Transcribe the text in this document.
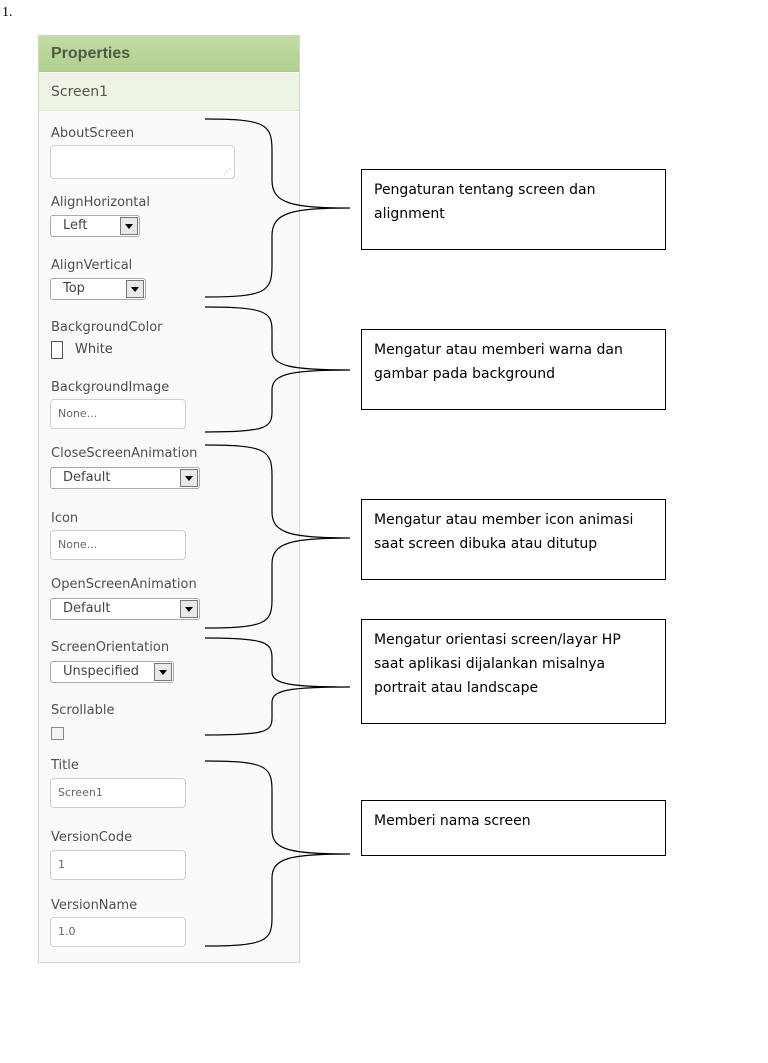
1.
Properties
Screen1
AboutScreen
⋰
AlignHorizontal
Left
AlignVertical
Top
BackgroundColor
White
BackgroundImage
None...
CloseScreenAnimation
Default
Icon
None...
OpenScreenAnimation
Default
ScreenOrientation
Unspecified
Scrollable
Title
Screen1
VersionCode
1
VersionName
1.0
Pengaturan tentang screen dan alignment
Mengatur atau memberi warna dan gambar pada background
Mengatur atau member icon animasi saat screen dibuka atau ditutup
Mengatur orientasi screen/layar HP saat aplikasi dijalankan misalnya portrait atau landscape
Memberi nama screen
